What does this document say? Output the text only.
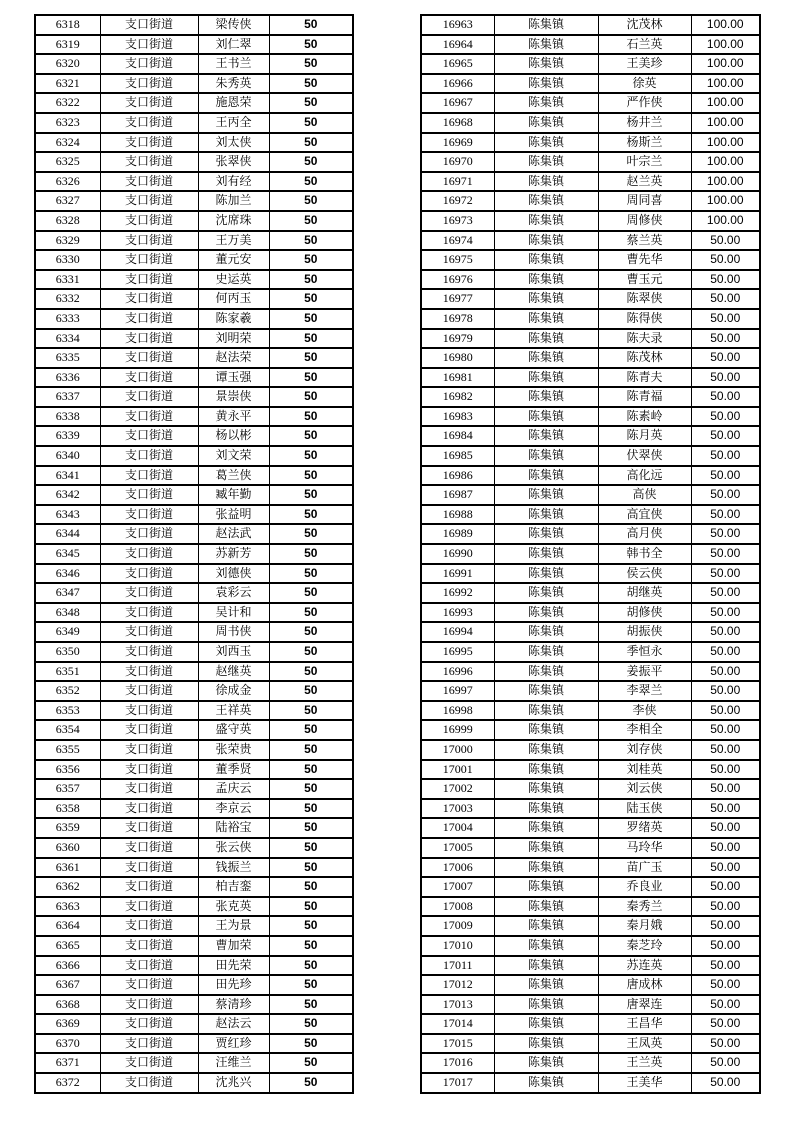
6318	支口街道	梁传侠	50
6319	支口街道	刘仁翠	50
6320	支口街道	王书兰	50
6321	支口街道	朱秀英	50
6322	支口街道	施恩荣	50
6323	支口街道	王丙全	50
6324	支口街道	刘太侠	50
6325	支口街道	张翠侠	50
6326	支口街道	刘有经	50
6327	支口街道	陈加兰	50
6328	支口街道	沈席珠	50
6329	支口街道	王万美	50
6330	支口街道	董元安	50
6331	支口街道	史运英	50
6332	支口街道	何丙玉	50
6333	支口街道	陈家羲	50
6334	支口街道	刘明荣	50
6335	支口街道	赵法荣	50
6336	支口街道	谭玉强	50
6337	支口街道	景崇侠	50
6338	支口街道	黄永平	50
6339	支口街道	杨以彬	50
6340	支口街道	刘文荣	50
6341	支口街道	葛兰侠	50
6342	支口街道	臧年勤	50
6343	支口街道	张益明	50
6344	支口街道	赵法武	50
6345	支口街道	苏新芳	50
6346	支口街道	刘德侠	50
6347	支口街道	袁彩云	50
6348	支口街道	吴计和	50
6349	支口街道	周书侠	50
6350	支口街道	刘西玉	50
6351	支口街道	赵继英	50
6352	支口街道	徐成金	50
6353	支口街道	王祥英	50
6354	支口街道	盛守英	50
6355	支口街道	张荣贵	50
6356	支口街道	董季贤	50
6357	支口街道	孟庆云	50
6358	支口街道	李京云	50
6359	支口街道	陆裕宝	50
6360	支口街道	张云侠	50
6361	支口街道	钱振兰	50
6362	支口街道	柏吉銮	50
6363	支口街道	张克英	50
6364	支口街道	王为景	50
6365	支口街道	曹加荣	50
6366	支口街道	田先荣	50
6367	支口街道	田先珍	50
6368	支口街道	蔡清珍	50
6369	支口街道	赵法云	50
6370	支口街道	贾红珍	50
6371	支口街道	汪维兰	50
6372	支口街道	沈兆兴	50
16963	陈集镇	沈茂林	100.00
16964	陈集镇	石兰英	100.00
16965	陈集镇	王美珍	100.00
16966	陈集镇	徐英	100.00
16967	陈集镇	严作侠	100.00
16968	陈集镇	杨井兰	100.00
16969	陈集镇	杨斯兰	100.00
16970	陈集镇	叶宗兰	100.00
16971	陈集镇	赵兰英	100.00
16972	陈集镇	周同喜	100.00
16973	陈集镇	周修侠	100.00
16974	陈集镇	蔡兰英	50.00
16975	陈集镇	曹先华	50.00
16976	陈集镇	曹玉元	50.00
16977	陈集镇	陈翠侠	50.00
16978	陈集镇	陈得侠	50.00
16979	陈集镇	陈夫录	50.00
16980	陈集镇	陈茂林	50.00
16981	陈集镇	陈青夫	50.00
16982	陈集镇	陈青福	50.00
16983	陈集镇	陈素岭	50.00
16984	陈集镇	陈月英	50.00
16985	陈集镇	伏翠侠	50.00
16986	陈集镇	高化远	50.00
16987	陈集镇	高侠	50.00
16988	陈集镇	高宜侠	50.00
16989	陈集镇	高月侠	50.00
16990	陈集镇	韩书全	50.00
16991	陈集镇	侯云侠	50.00
16992	陈集镇	胡继英	50.00
16993	陈集镇	胡修侠	50.00
16994	陈集镇	胡振侠	50.00
16995	陈集镇	季恒永	50.00
16996	陈集镇	姜振平	50.00
16997	陈集镇	李翠兰	50.00
16998	陈集镇	李侠	50.00
16999	陈集镇	李相全	50.00
17000	陈集镇	刘存侠	50.00
17001	陈集镇	刘桂英	50.00
17002	陈集镇	刘云侠	50.00
17003	陈集镇	陆玉侠	50.00
17004	陈集镇	罗绪英	50.00
17005	陈集镇	马玲华	50.00
17006	陈集镇	苗广玉	50.00
17007	陈集镇	乔良业	50.00
17008	陈集镇	秦秀兰	50.00
17009	陈集镇	秦月娥	50.00
17010	陈集镇	秦芝玲	50.00
17011	陈集镇	苏连英	50.00
17012	陈集镇	唐成林	50.00
17013	陈集镇	唐翠连	50.00
17014	陈集镇	王昌华	50.00
17015	陈集镇	王凤英	50.00
17016	陈集镇	王兰英	50.00
17017	陈集镇	王美华	50.00
